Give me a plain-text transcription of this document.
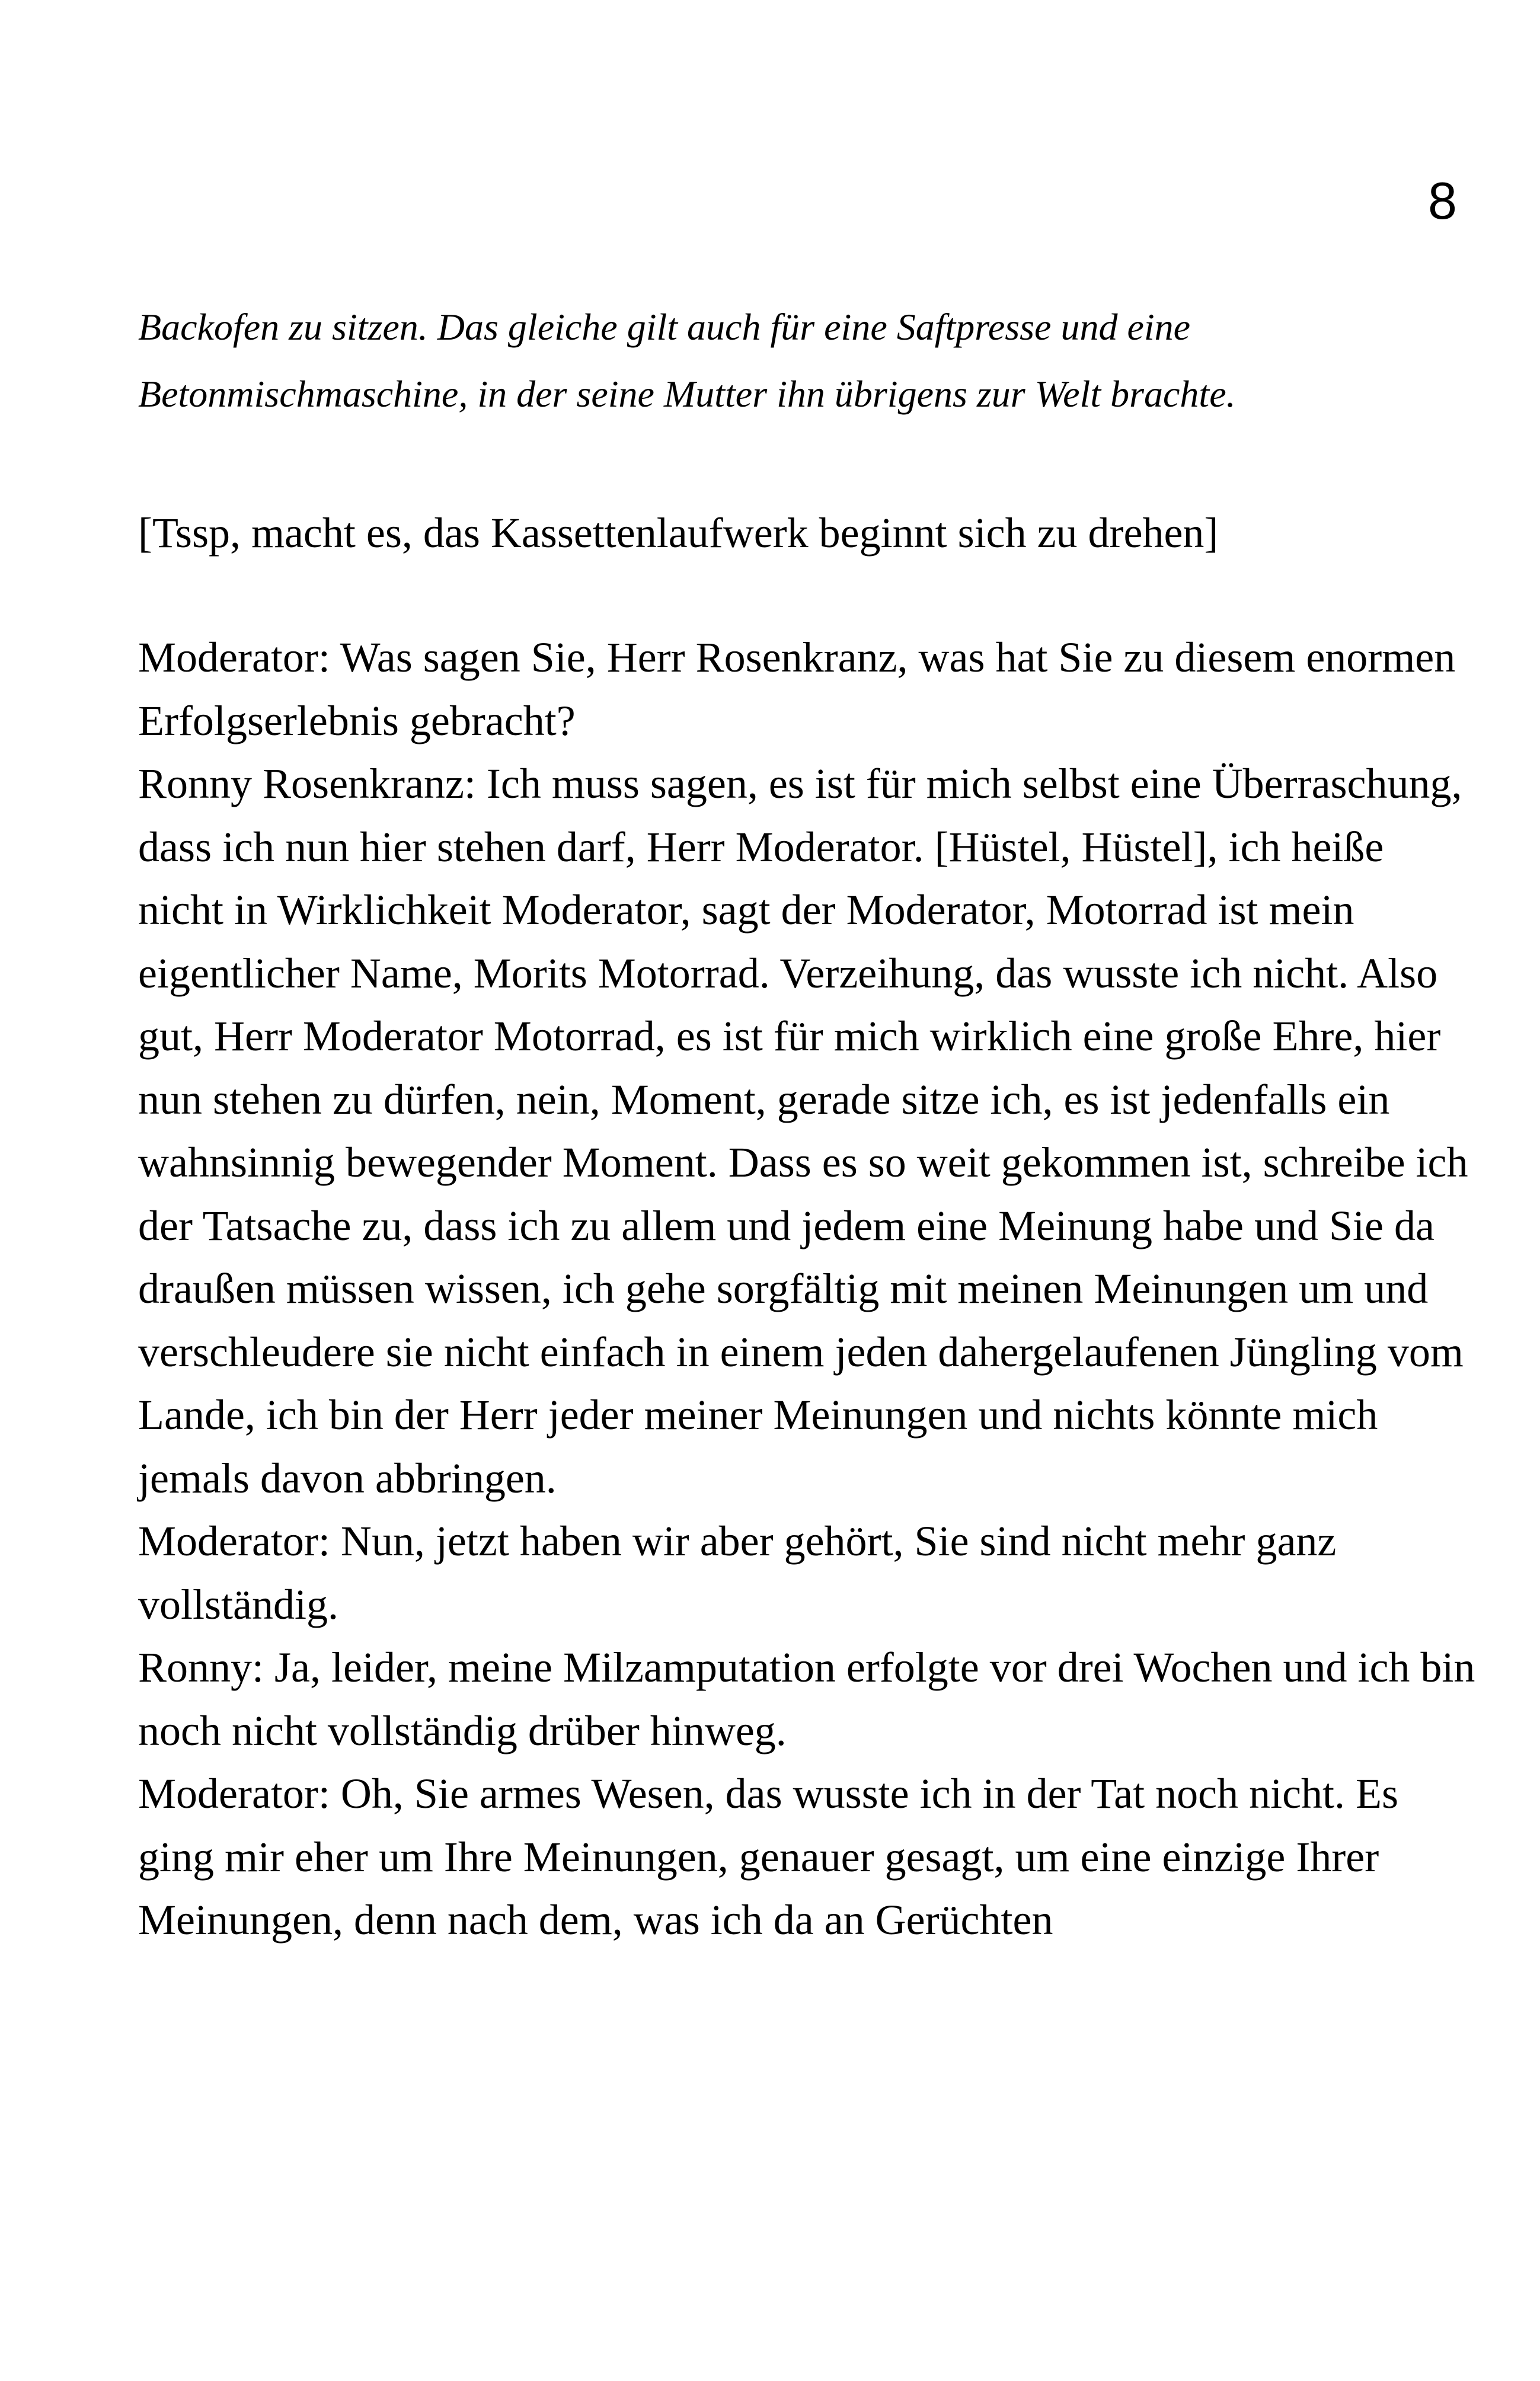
8

Backofen zu sitzen. Das gleiche gilt auch für eine Saftpresse und eine Betonmischmaschine, in der seine Mutter ihn übrigens zur Welt brachte.

[Tssp, macht es, das Kassettenlaufwerk beginnt sich zu drehen]

Moderator: Was sagen Sie, Herr Rosenkranz, was hat Sie zu diesem enormen Erfolgserlebnis gebracht?

Ronny Rosenkranz: Ich muss sagen, es ist für mich selbst eine Überraschung, dass ich nun hier stehen darf, Herr Moderator. [Hüstel, Hüstel], ich heiße nicht in Wirklichkeit Moderator, sagt der Moderator, Motorrad ist mein eigentlicher Name, Morits Motorrad. Verzeihung, das wusste ich nicht. Also gut, Herr Moderator Motorrad, es ist für mich wirklich eine große Ehre, hier nun stehen zu dürfen, nein, Moment, gerade sitze ich, es ist jedenfalls ein wahnsinnig bewegender Moment. Dass es so weit gekommen ist, schreibe ich der Tatsache zu, dass ich zu allem und jedem eine Meinung habe und Sie da draußen müssen wissen, ich gehe sorgfältig mit meinen Meinungen um und verschleudere sie nicht einfach in einem jeden dahergelaufenen Jüngling vom Lande, ich bin der Herr jeder meiner Meinungen und nichts könnte mich jemals davon abbringen.

Moderator: Nun, jetzt haben wir aber gehört, Sie sind nicht mehr ganz vollständig.

Ronny: Ja, leider, meine Milzamputation erfolgte vor drei Wochen und ich bin noch nicht vollständig drüber hinweg.

Moderator: Oh, Sie armes Wesen, das wusste ich in der Tat noch nicht. Es ging mir eher um Ihre Meinungen, genauer gesagt, um eine einzige Ihrer Meinungen, denn nach dem, was ich da an Gerüchten
